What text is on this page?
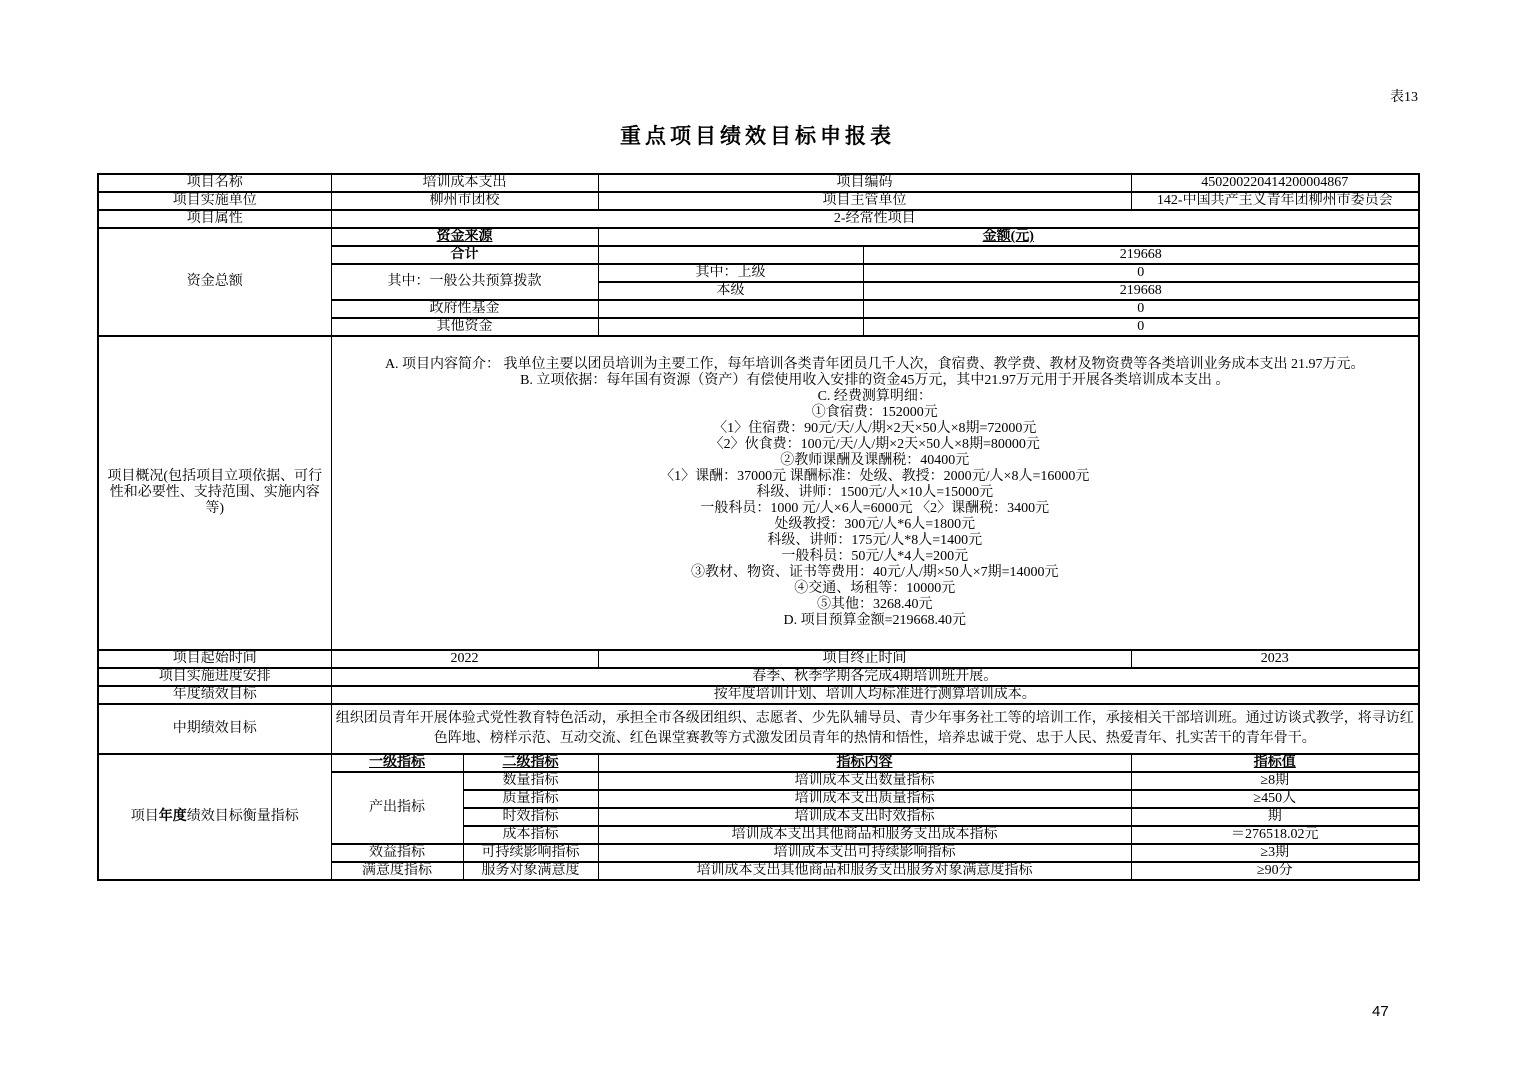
表13
重点项目绩效目标申报表
项目名称	培训成本支出		项目编码		450200220414200004867
项目实施单位	柳州市团校		项目主管单位		142-中国共产主义青年团柳州市委员会
项目属性	2-经常性项目				
资金总额	资金来源		金额(元)		
	合计			219668	
	其中：一般公共预算拨款		其中：上级	0	
			本级	219668	
	政府性基金			0	
	其他资金			0	
项目概况(包括项目立项依据、可行性和必要性、支持范围、实施内容等)	
A. 项目内容简介： 我单位主要以团员培训为主要工作，每年培训各类青年团员几千人次，食宿费、教学费、教材及物资费等各类培训业务成本支出 21.97万元。
B. 立项依据：每年国有资源（资产）有偿使用收入安排的资金45万元，其中21.97万元用于开展各类培训成本支出 。
C. 经费测算明细：
①食宿费：152000元
〈1〉住宿费：90元/天/人/期×2天×50人×8期=72000元
〈2〉伙食费：100元/天/人/期×2天×50人×8期=80000元
②教师课酬及课酬税：40400元
〈1〉课酬：37000元 课酬标准：处级、教授：2000元/人×8人=16000元
科级、讲师：1500元/人×10人=15000元
一般科员：1000 元/人×6人=6000元 〈2〉课酬税：3400元
处级教授：300元/人*6人=1800元
科级、讲师：175元/人*8人=1400元
一般科员：50元/人*4人=200元
③教材、物资、证书等费用：40元/人/期×50人×7期=14000元
④交通、场租等：10000元
⑤其他：3268.40元
D. 项目预算金额=219668.40元

项目起始时间	2022		项目终止时间		2023
项目实施进度安排	春季、秋季学期各完成4期培训班开展。				
年度绩效目标	按年度培训计划、培训人均标准进行测算培训成本。				
中期绩效目标	组织团员青年开展体验式党性教育特色活动，承担全市各级团组织、志愿者、少先队辅导员、青少年事务社工等的培训工作，承接相关干部培训班。通过访谈式教学，将寻访红色阵地、榜样示范、互动交流、红色课堂赛教等方式激发团员青年的热情和悟性，培养忠诚于党、忠于人民、热爱青年、扎实苦干的青年骨干。				
项目年度绩效目标衡量指标	一级指标	二级指标	指标内容		指标值
	产出指标	数量指标	培训成本支出数量指标		≥8期
		质量指标	培训成本支出质量指标		≥450人
		时效指标	培训成本支出时效指标		期
		成本指标	培训成本支出其他商品和服务支出成本指标		＝276518.02元
	效益指标	可持续影响指标	培训成本支出可持续影响指标		≥3期
	满意度指标	服务对象满意度	培训成本支出其他商品和服务支出服务对象满意度指标		≥90分
47
